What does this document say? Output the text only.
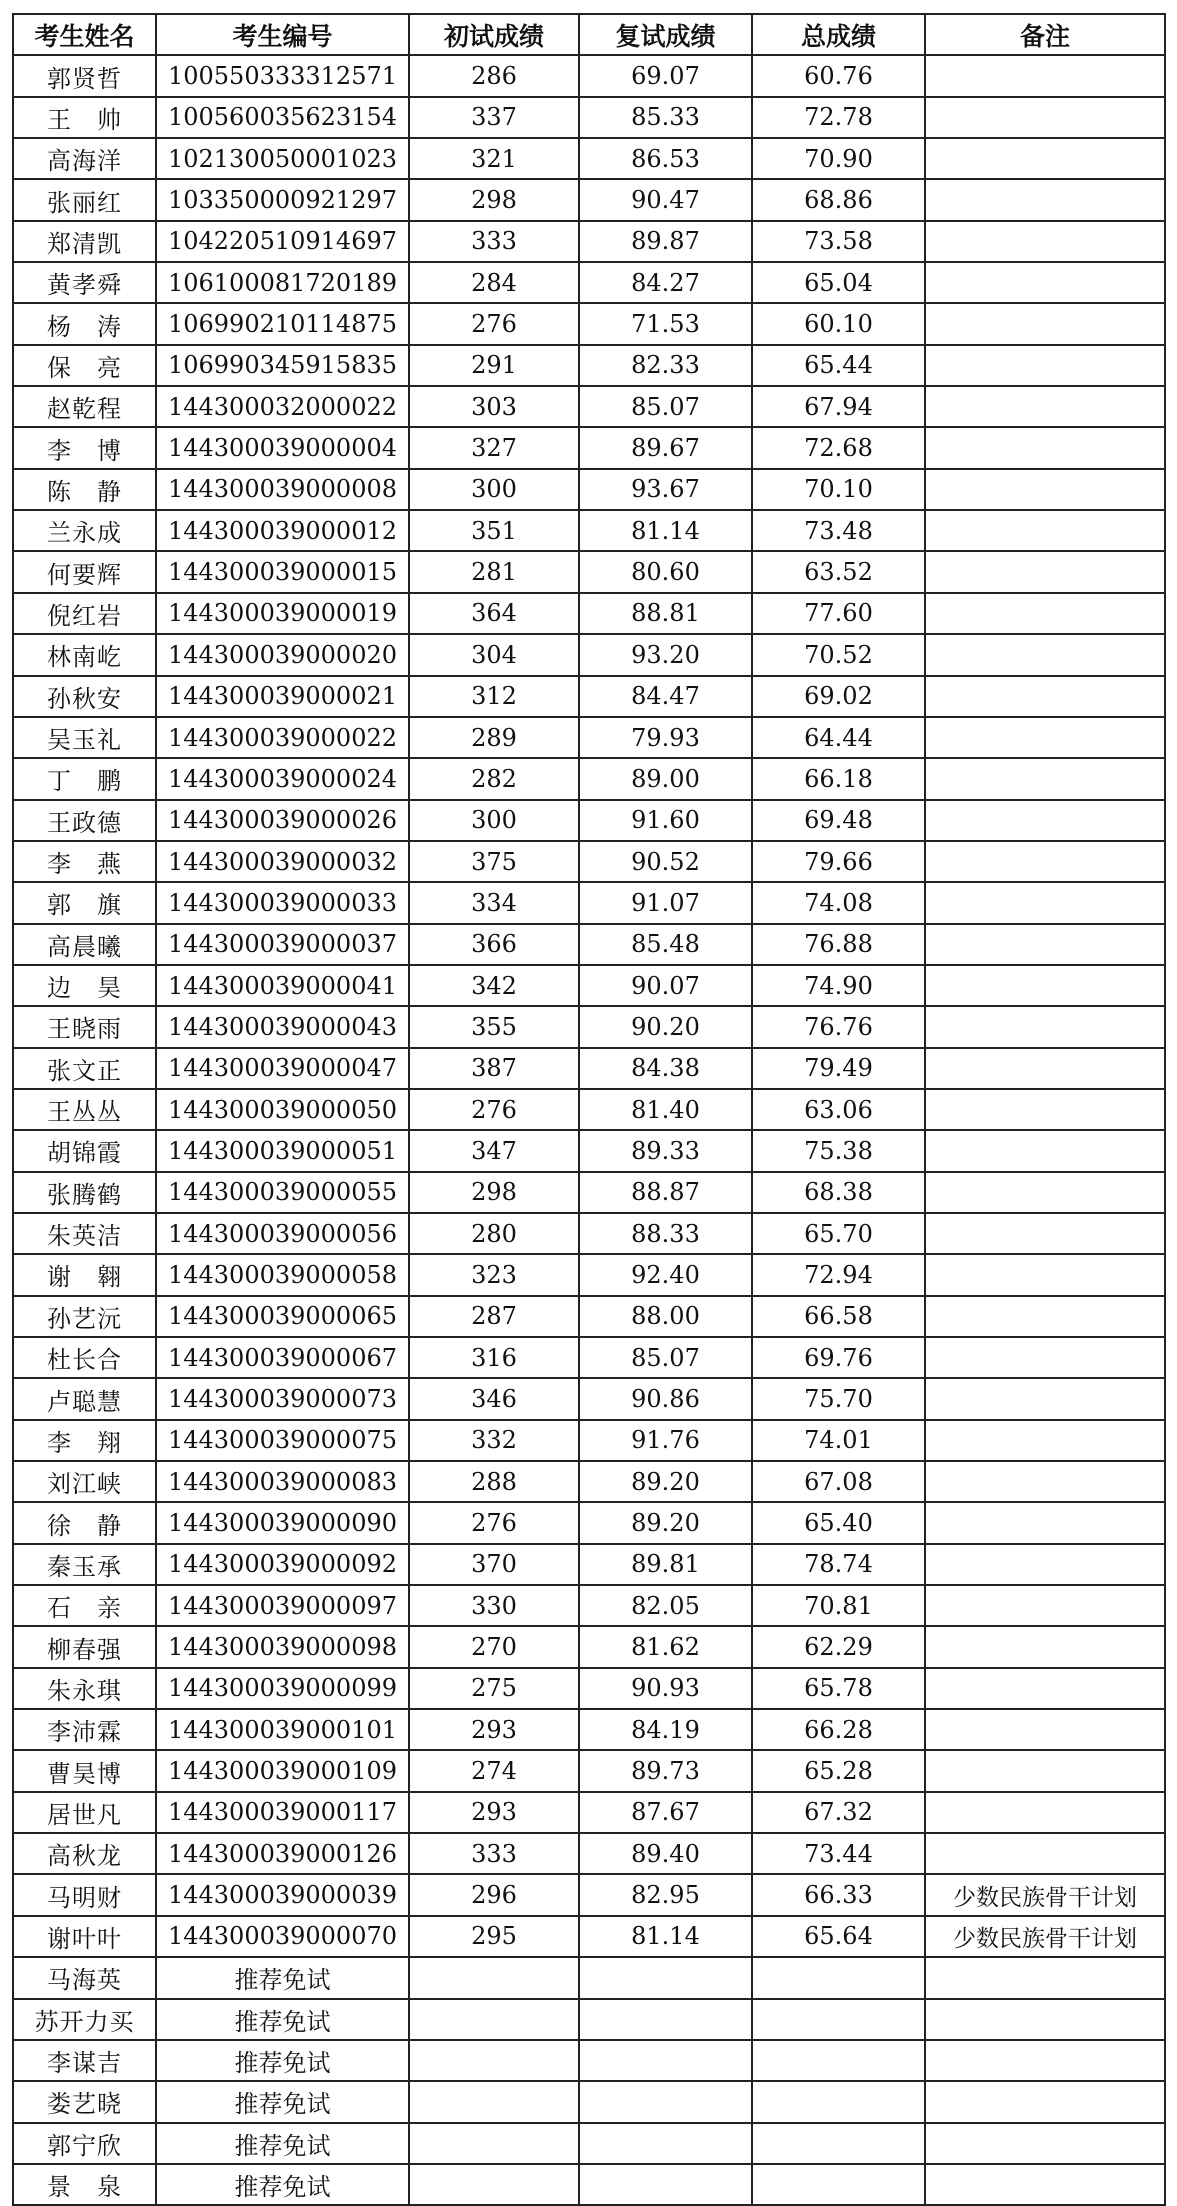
考生姓名	考生编号	初试成绩	复试成绩	总成绩	备注
郭贤哲	100550333312571	286	69.07	60.76	
王　帅	100560035623154	337	85.33	72.78	
高海洋	102130050001023	321	86.53	70.90	
张丽红	103350000921297	298	90.47	68.86	
郑清凯	104220510914697	333	89.87	73.58	
黄孝舜	106100081720189	284	84.27	65.04	
杨　涛	106990210114875	276	71.53	60.10	
保　亮	106990345915835	291	82.33	65.44	
赵乾程	144300032000022	303	85.07	67.94	
李　博	144300039000004	327	89.67	72.68	
陈　静	144300039000008	300	93.67	70.10	
兰永成	144300039000012	351	81.14	73.48	
何要辉	144300039000015	281	80.60	63.52	
倪红岩	144300039000019	364	88.81	77.60	
林南屹	144300039000020	304	93.20	70.52	
孙秋安	144300039000021	312	84.47	69.02	
吴玉礼	144300039000022	289	79.93	64.44	
丁　鹏	144300039000024	282	89.00	66.18	
王政德	144300039000026	300	91.60	69.48	
李　燕	144300039000032	375	90.52	79.66	
郭　旗	144300039000033	334	91.07	74.08	
高晨曦	144300039000037	366	85.48	76.88	
边　昊	144300039000041	342	90.07	74.90	
王晓雨	144300039000043	355	90.20	76.76	
张文正	144300039000047	387	84.38	79.49	
王丛丛	144300039000050	276	81.40	63.06	
胡锦霞	144300039000051	347	89.33	75.38	
张腾鹤	144300039000055	298	88.87	68.38	
朱英洁	144300039000056	280	88.33	65.70	
谢　翱	144300039000058	323	92.40	72.94	
孙艺沅	144300039000065	287	88.00	66.58	
杜长合	144300039000067	316	85.07	69.76	
卢聪慧	144300039000073	346	90.86	75.70	
李　翔	144300039000075	332	91.76	74.01	
刘江峡	144300039000083	288	89.20	67.08	
徐　静	144300039000090	276	89.20	65.40	
秦玉承	144300039000092	370	89.81	78.74	
石　亲	144300039000097	330	82.05	70.81	
柳春强	144300039000098	270	81.62	62.29	
朱永琪	144300039000099	275	90.93	65.78	
李沛霖	144300039000101	293	84.19	66.28	
曹昊博	144300039000109	274	89.73	65.28	
居世凡	144300039000117	293	87.67	67.32	
高秋龙	144300039000126	333	89.40	73.44	
马明财	144300039000039	296	82.95	66.33	少数民族骨干计划
谢叶叶	144300039000070	295	81.14	65.64	少数民族骨干计划
马海英	推荐免试				
苏开力买	推荐免试				
李谋吉	推荐免试				
娄艺晓	推荐免试				
郭宁欣	推荐免试				
景　泉	推荐免试				
